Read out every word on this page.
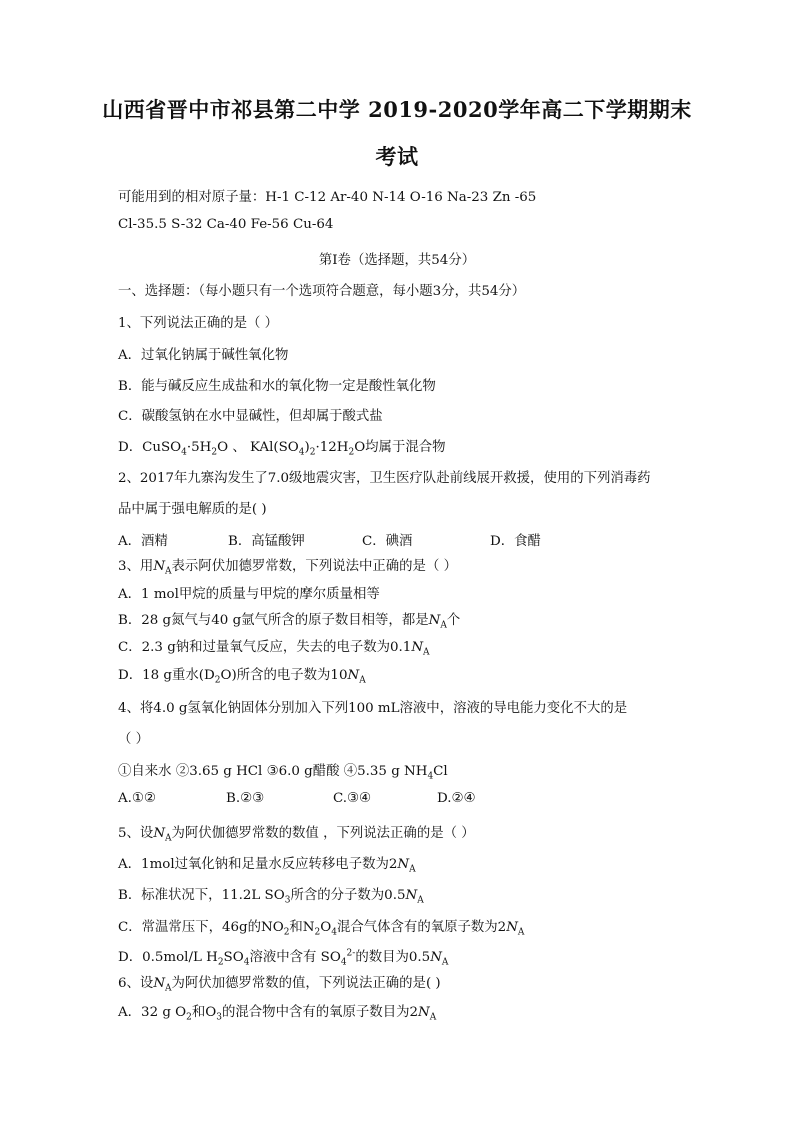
山西省晋中市祁县第二中学 2019-2020学年高二下学期期末
考试
可能用到的相对原子量：H-1 C-12 Ar-40 N-14 O-16 Na-23 Zn -65
Cl-35.5 S-32 Ca-40 Fe-56 Cu-64
第Ⅰ卷（选择题，共54分）
一、选择题：（每小题只有一个选项符合题意，每小题3分，共54分）
1、下列说法正确的是（ ）
A．过氧化钠属于碱性氧化物
B．能与碱反应生成盐和水的氧化物一定是酸性氧化物
C．碳酸氢钠在水中显碱性，但却属于酸式盐
D．$CuSO_4\cdot 5H_2O$ 、 $KAl(SO_4)_2\cdot 12H_2O$均属于混合物
2、2017年九寨沟发生了7.0级地震灾害，卫生医疗队赴前线展开救援，使用的下列消毒药
品中属于强电解质的是( )
A．酒精	B．高锰酸钾	C．碘酒	D．食醋
3、用$N_A$表示阿伏加德罗常数，下列说法中正确的是（ ）
A．1 mol甲烷的质量与甲烷的摩尔质量相等
B．28 g氮气与40 g氩气所含的原子数目相等，都是$N_A$个
C．2.3 g钠和过量氧气反应，失去的电子数为$0.1N_A$
D．18 g重水$(D_2O)$所含的电子数为$10N_A$
4、将4.0 g氢氧化钠固体分别加入下列100 mL溶液中，溶液的导电能力变化不大的是
（ ）
①自来水 ②3.65 g HCl ③6.0 g醋酸 ④5.35 g $NH_4Cl$
A.①②	B.②③	C.③④	D.②④
5、设$N_A$为阿伏伽德罗常数的数值 ，下列说法正确的是（ ）
A．1mol过氧化钠和足量水反应转移电子数为$2N_A$
B．标准状况下，11.2L $SO_3$所含的分子数为$0.5N_A$
C．常温常压下，46g的$NO_2$和$N_2O_4$混合气体含有的氧原子数为$2N_A$
D．0.5mol/L $H_2SO_4$溶液中含有 $SO_4^{2-}$的数目为$0.5N_A$
6、设$N_A$为阿伏加德罗常数的值，下列说法正确的是( )
A．32 g $O_2$和$O_3$的混合物中含有的氧原子数目为$2N_A$
